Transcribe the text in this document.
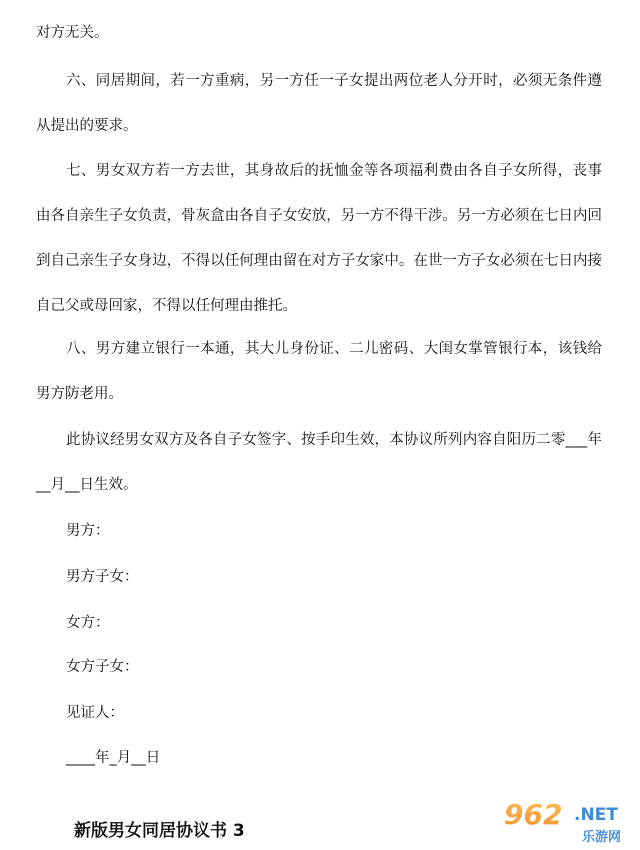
对方无关。

六、同居期间，若一方重病，另一方任一子女提出两位老人分开时，必须无条件遵从提出的要求。

七、男女双方若一方去世，其身故后的抚恤金等各项福利费由各自子女所得，丧事由各自亲生子女负责，骨灰盒由各自子女安放，另一方不得干涉。另一方必须在七日内回到自己亲生子女身边，不得以任何理由留在对方子女家中。在世一方子女必须在七日内接自己父或母回家，不得以任何理由推托。

八、男方建立银行一本通，其大儿身份证、二儿密码、大闺女掌管银行本，该钱给男方防老用。

此协议经男女双方及各自子女签字、按手印生效，本协议所列内容自阳历二零___年__月__日生效。

男方：
男方子女：
女方：
女方子女：
见证人：
____年_月__日
新版男女同居协议书 3	962 .NET
乐游网
